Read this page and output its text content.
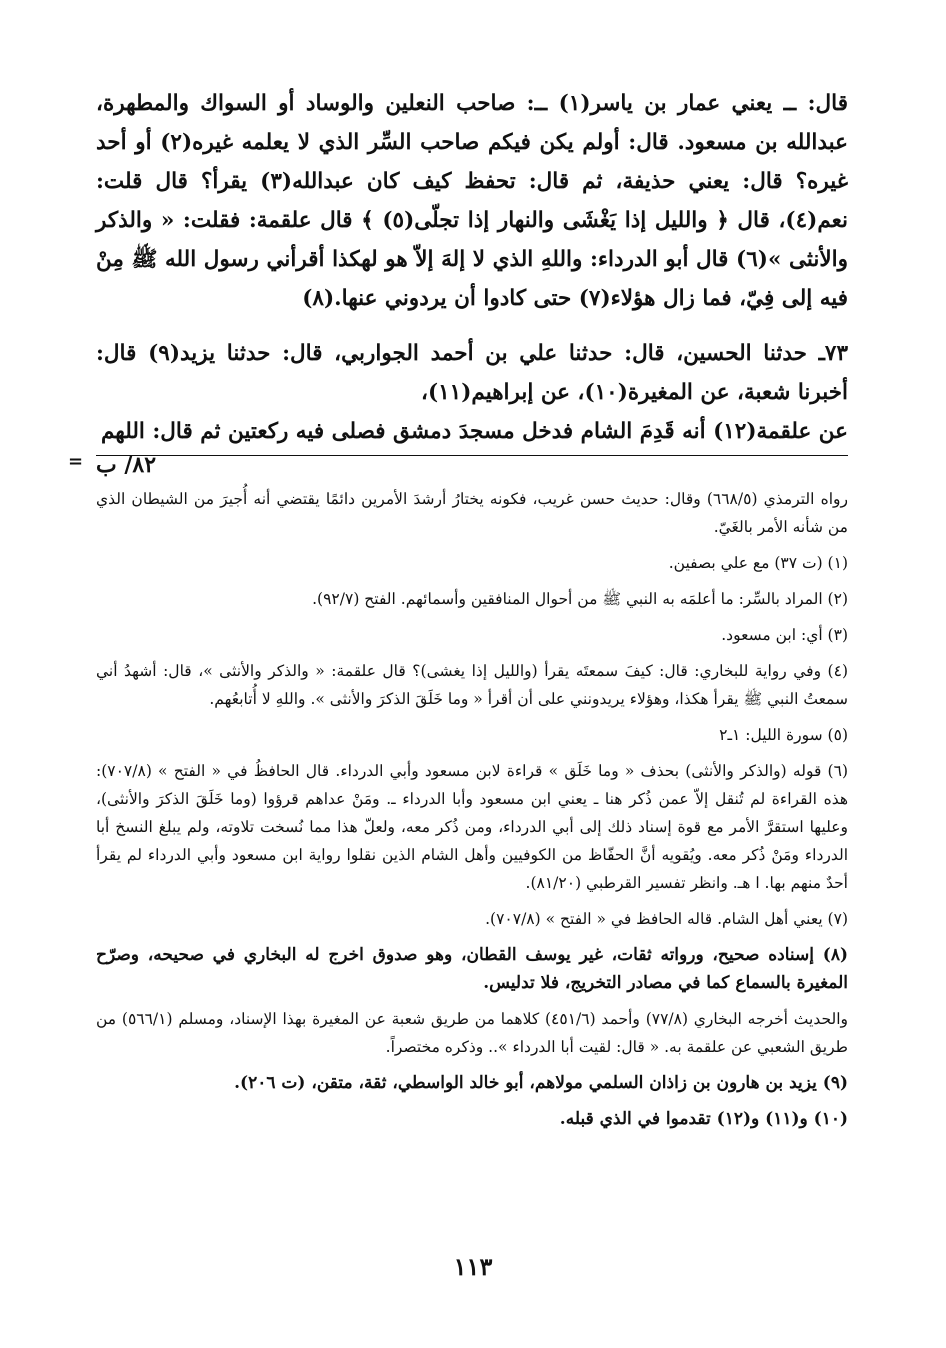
قال: ــ يعني عمار بن ياسر(١) ــ: صاحب النعلين والوساد أو السواك والمطهرة، عبدالله بن مسعود. قال: أولم يكن فيكم صاحب السِّر الذي لا يعلمه غيره(٢) أو أحد غيره؟ قال: يعني حذيفة، ثم قال: تحفظ كيف كان عبدالله(٣) يقرأ؟ قال قلت: نعم(٤)، قال ﴿ والليل إذا يَغْشَى والنهار إذا تجلّى(٥) ﴾ قال علقمة: فقلت: « والذكر والأنثى »(٦) قال أبو الدرداء: واللهِ الذي لا إلهَ إلاّ هو لهكذا أقرأني رسول الله ﷺ مِنْ فيه إلى فِيّ، فما زال هؤلاء(٧) حتى كادوا أن يردوني عنها.(٨)

٧٣ـ حدثنا الحسين، قال: حدثنا علي بن أحمد الجواربي، قال: حدثنا يزيد(٩) قال: أخبرنا شعبة، عن المغيرة(١٠)، عن إبراهيم(١١)،

عن علقمة(١٢) أنه قَدِمَ الشام فدخل مسجدَ دمشق فصلى فيه ركعتين ثم قال: اللهم

٨٢/ ب
=

رواه الترمذي (٦٦٨/٥) وقال: حديث حسن غريب، فكونه يختارُ أرشدَ الأمرين دائمًا يقتضي أنه أُجيرَ من الشيطان الذي من شأنه الأمر بالغَيّ.

(١) (ت ٣٧) مع علي بصفين.

(٢) المراد بالسِّر: ما أعلمَه به النبي ﷺ من أحوال المنافقين وأسمائهم. الفتح (٩٢/٧).

(٣) أي: ابن مسعود.

(٤) وفي رواية للبخاري: قال: كيفَ سمعتَه يقرأ (والليل إذا يغشى)؟ قال علقمة: « والذكر والأنثى »، قال: أشهدُ أني سمعتُ النبي ﷺ يقرأ هكذا، وهؤلاء يريدونني على أن أقرأ « وما خَلَقَ الذكرَ والأنثى ». واللهِ لا أُتابعُهم.

(٥) سورة الليل: ١ـ٢

(٦) قوله (والذكر والأنثى) بحذف « وما خَلَق » قراءة لابن مسعود وأبي الدرداء. قال الحافظُ في « الفتح » (٧٠٧/٨): هذه القراءة لم تُنقل إلاّ عمن ذُكر هنا ـ يعني ابن مسعود وأبا الدرداء ـ. ومَنْ عداهم قرؤوا (وما خَلَقَ الذكرَ والأنثى)، وعليها استقرَّ الأمر مع قوة إسناد ذلك إلى أبي الدرداء، ومن ذُكر معه، ولعلّ هذا مما نُسخت تلاوته، ولم يبلغ النسخ أبا الدرداء ومَنْ ذُكر معه. ويُقويه أنَّ الحفّاظ من الكوفيين وأهل الشام الذين نقلوا رواية ابن مسعود وأبي الدرداء لم يقرأ أحدٌ منهم بها. ا هـ. وانظر تفسير القرطبي (٨١/٢٠).

(٧) يعني أهل الشام. قاله الحافظ في « الفتح » (٧٠٧/٨).

(٨) إسناده صحيح، ورواته ثقات، غير يوسف القطان، وهو صدوق اخرج له البخاري في صحيحه، وصرّح المغيرة بالسماع كما في مصادر التخريج، فلا تدليس.

والحديث أخرجه البخاري (٧٧/٨) وأحمد (٤٥١/٦) كلاهما من طريق شعبة عن المغيرة بهذا الإسناد، ومسلم (٥٦٦/١) من طريق الشعبي عن علقمة به. « قال: لقيت أبا الدرداء ».. وذكره مختصراً.

(٩) يزيد بن هارون بن زاذان السلمي مولاهم، أبو خالد الواسطي، ثقة، متقن، (ت ٢٠٦).

(١٠) و(١١) و(١٢) تقدموا في الذي قبله.

١١٣
